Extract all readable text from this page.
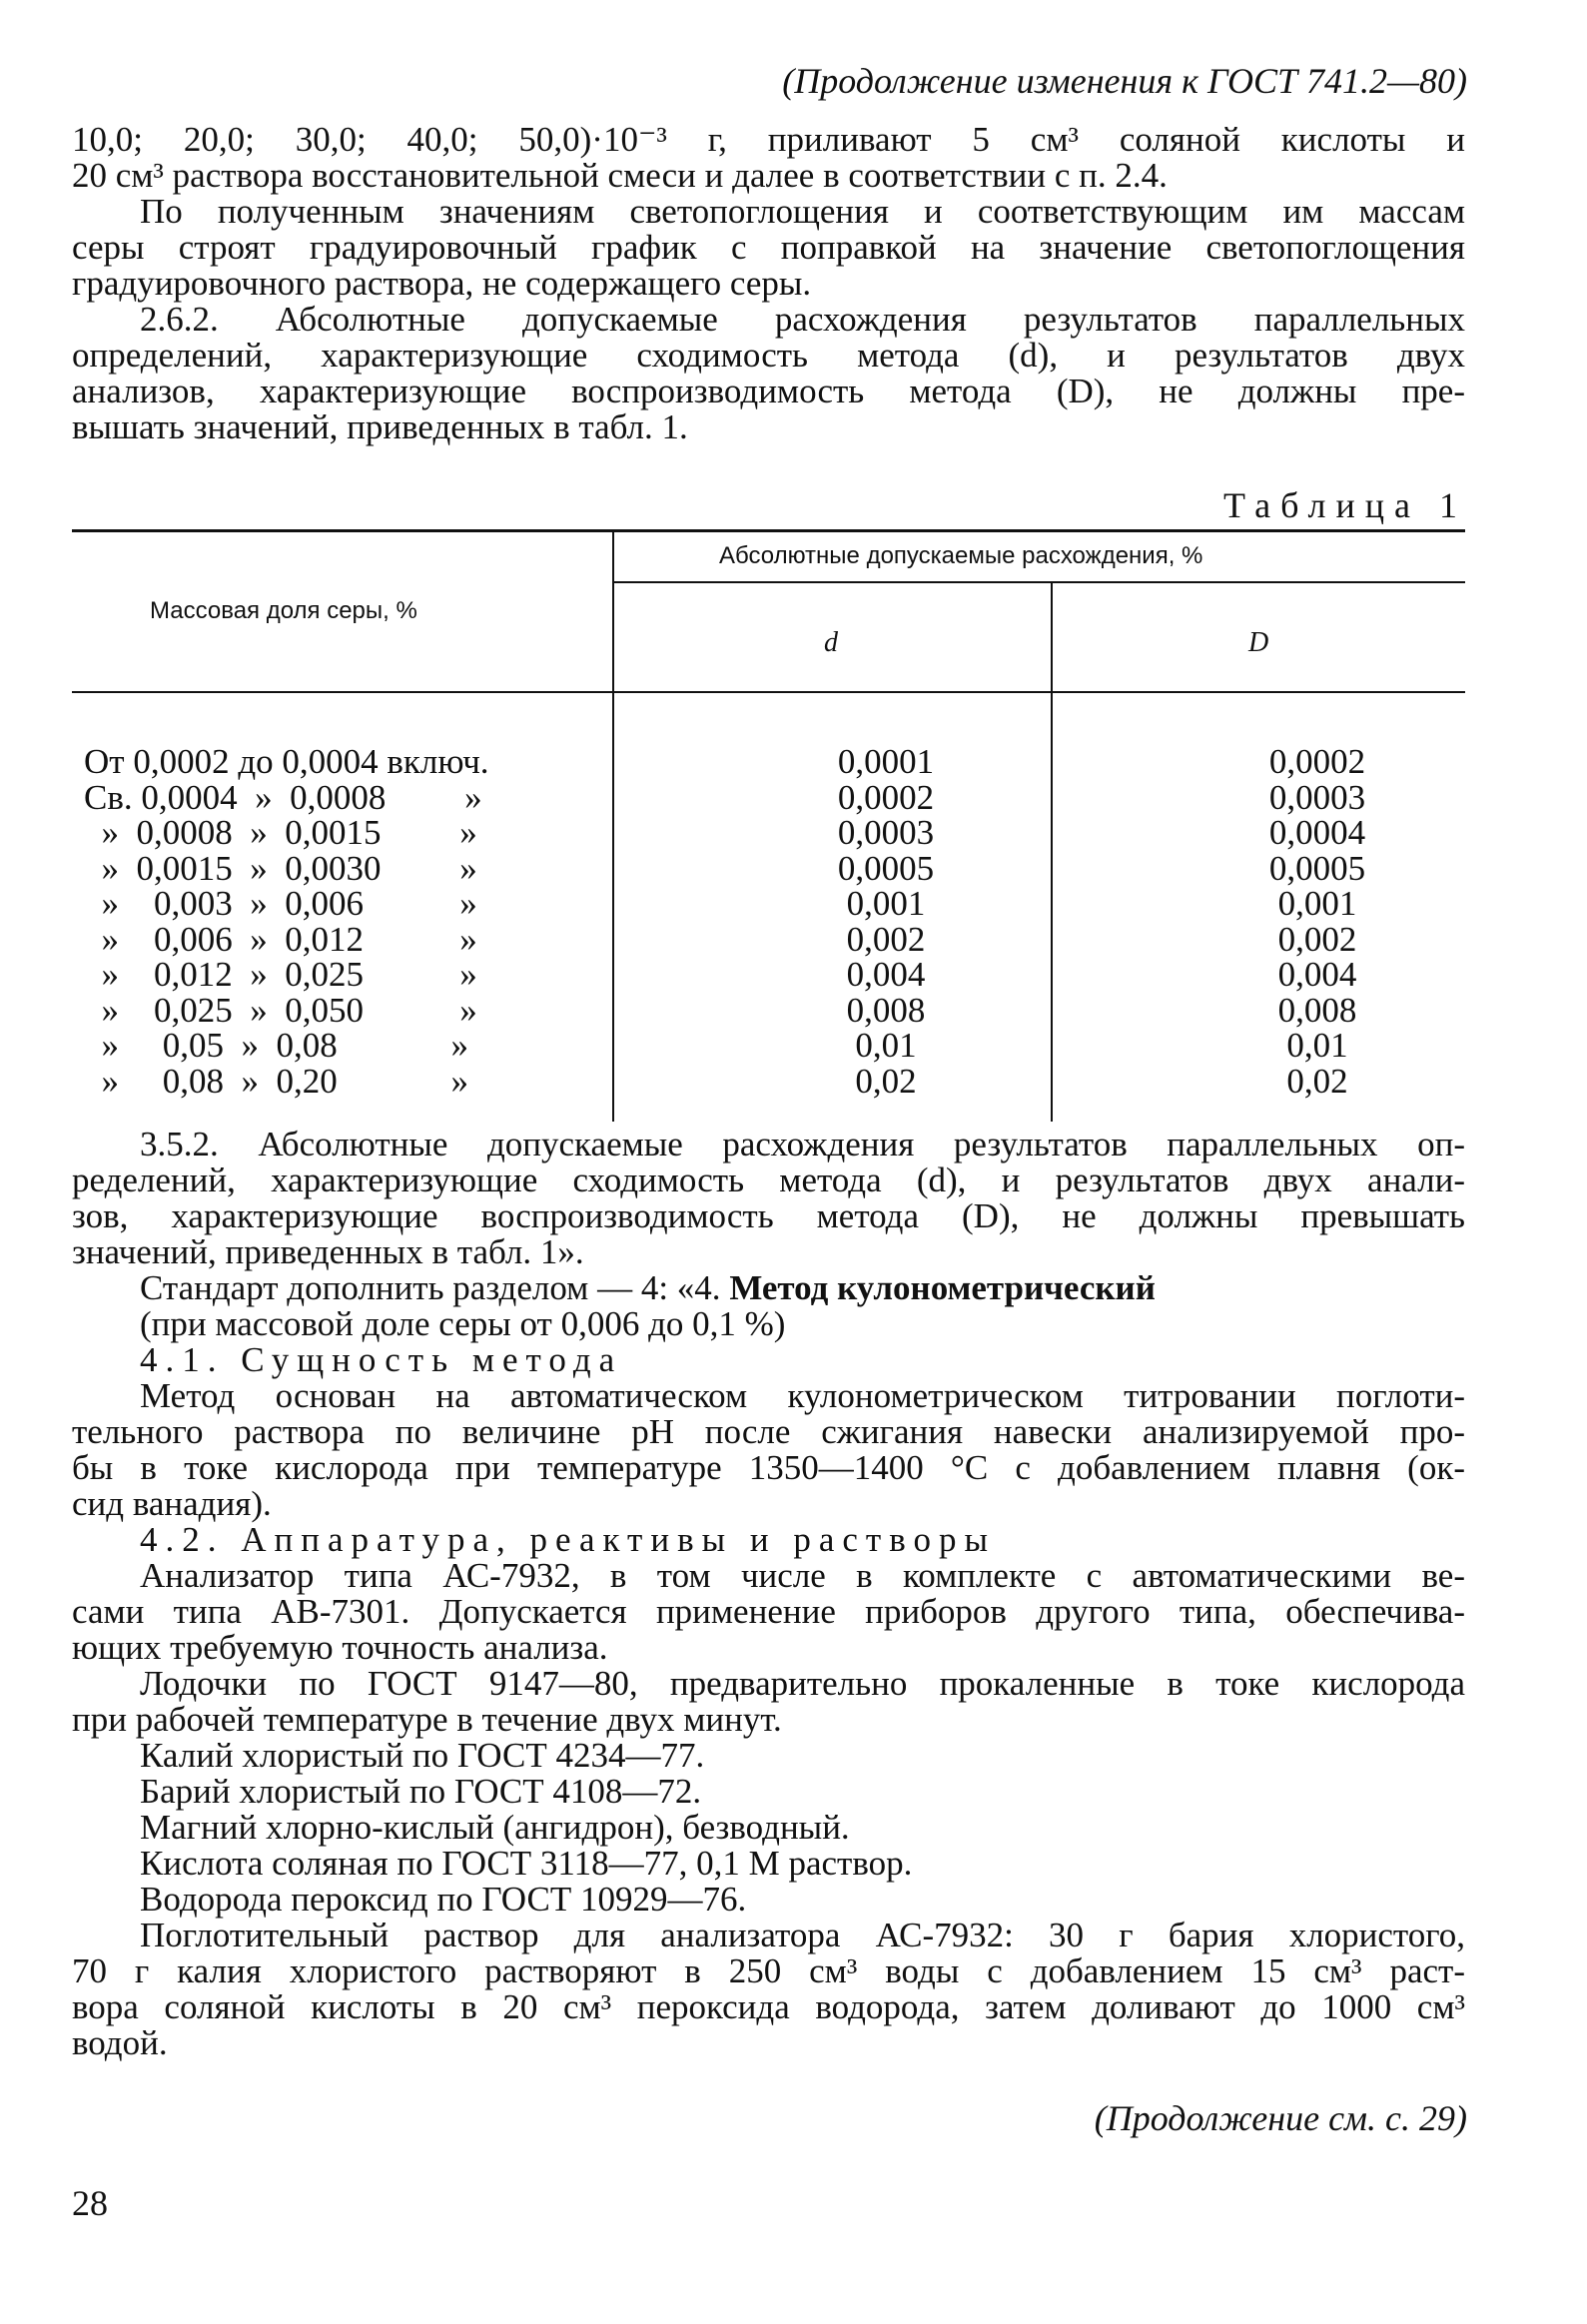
(Продолжение изменения к ГОСТ 741.2—80)
10,0; 20,0; 30,0; 40,0; 50,0)·10⁻³ г, приливают 5 см³ соляной кислоты и
20 см³ раствора восстановительной смеси и далее в соответствии с п. 2.4.
По полученным значениям светопоглощения и соответствующим им массам
серы строят градуировочный график с поправкой на значение светопоглощения
градуировочного раствора, не содержащего серы.
2.6.2. Абсолютные допускаемые расхождения результатов параллельных
определений, характеризующие сходимость метода (d), и результатов двух
анализов, характеризующие воспроизводимость метода (D), не должны пре-
вышать значений, приведенных в табл. 1.
Таблица 1
Массовая доля серы, %
Абсолютные допускаемые расхождения, %
d	D
От 0,0002 до 0,0004 включ.	0,0001	0,0002
Св. 0,0004  »  0,0008         »	0,0002	0,0003
»  0,0008  »  0,0015         »	0,0003	0,0004
»  0,0015  »  0,0030         »	0,0005	0,0005
»    0,003  »  0,006           »	0,001	0,001
»    0,006  »  0,012           »	0,002	0,002
»    0,012  »  0,025           »	0,004	0,004
»    0,025  »  0,050           »	0,008	0,008
»     0,05  »  0,08             »	0,01	0,01
»     0,08  »  0,20             »	0,02	0,02
3.5.2. Абсолютные допускаемые расхождения результатов параллельных оп-
ределений, характеризующие сходимость метода (d), и результатов двух анали-
зов, характеризующие воспроизводимость метода (D), не должны превышать
значений, приведенных в табл. 1».
Стандарт дополнить разделом — 4: «4. Метод кулонометрический
(при массовой доле серы от 0,006 до 0,1 %)
4.1. Сущность метода
Метод основан на автоматическом кулонометрическом титровании поглоти-
тельного раствора по величине pH после сжигания навески анализируемой про-
бы в токе кислорода при температуре 1350—1400 °С с добавлением плавня (ок-
сид ванадия).
4.2. Аппаратура, реактивы и растворы
Анализатор типа АС-7932, в том числе в комплекте с автоматическими ве-
сами типа АВ-7301. Допускается применение приборов другого типа, обеспечива-
ющих требуемую точность анализа.
Лодочки по ГОСТ 9147—80, предварительно прокаленные в токе кислорода
при рабочей температуре в течение двух минут.
Калий хлористый по ГОСТ 4234—77.
Барий хлористый по ГОСТ 4108—72.
Магний хлорно-кислый (ангидрон), безводный.
Кислота соляная по ГОСТ 3118—77, 0,1 М раствор.
Водорода пероксид по ГОСТ 10929—76.
Поглотительный раствор для анализатора АС-7932: 30 г бария хлористого,
70 г калия хлористого растворяют в 250 см³ воды с добавлением 15 см³ раст-
вора соляной кислоты в 20 см³ пероксида водорода, затем доливают до 1000 см³
водой.
(Продолжение см. с. 29)
28
